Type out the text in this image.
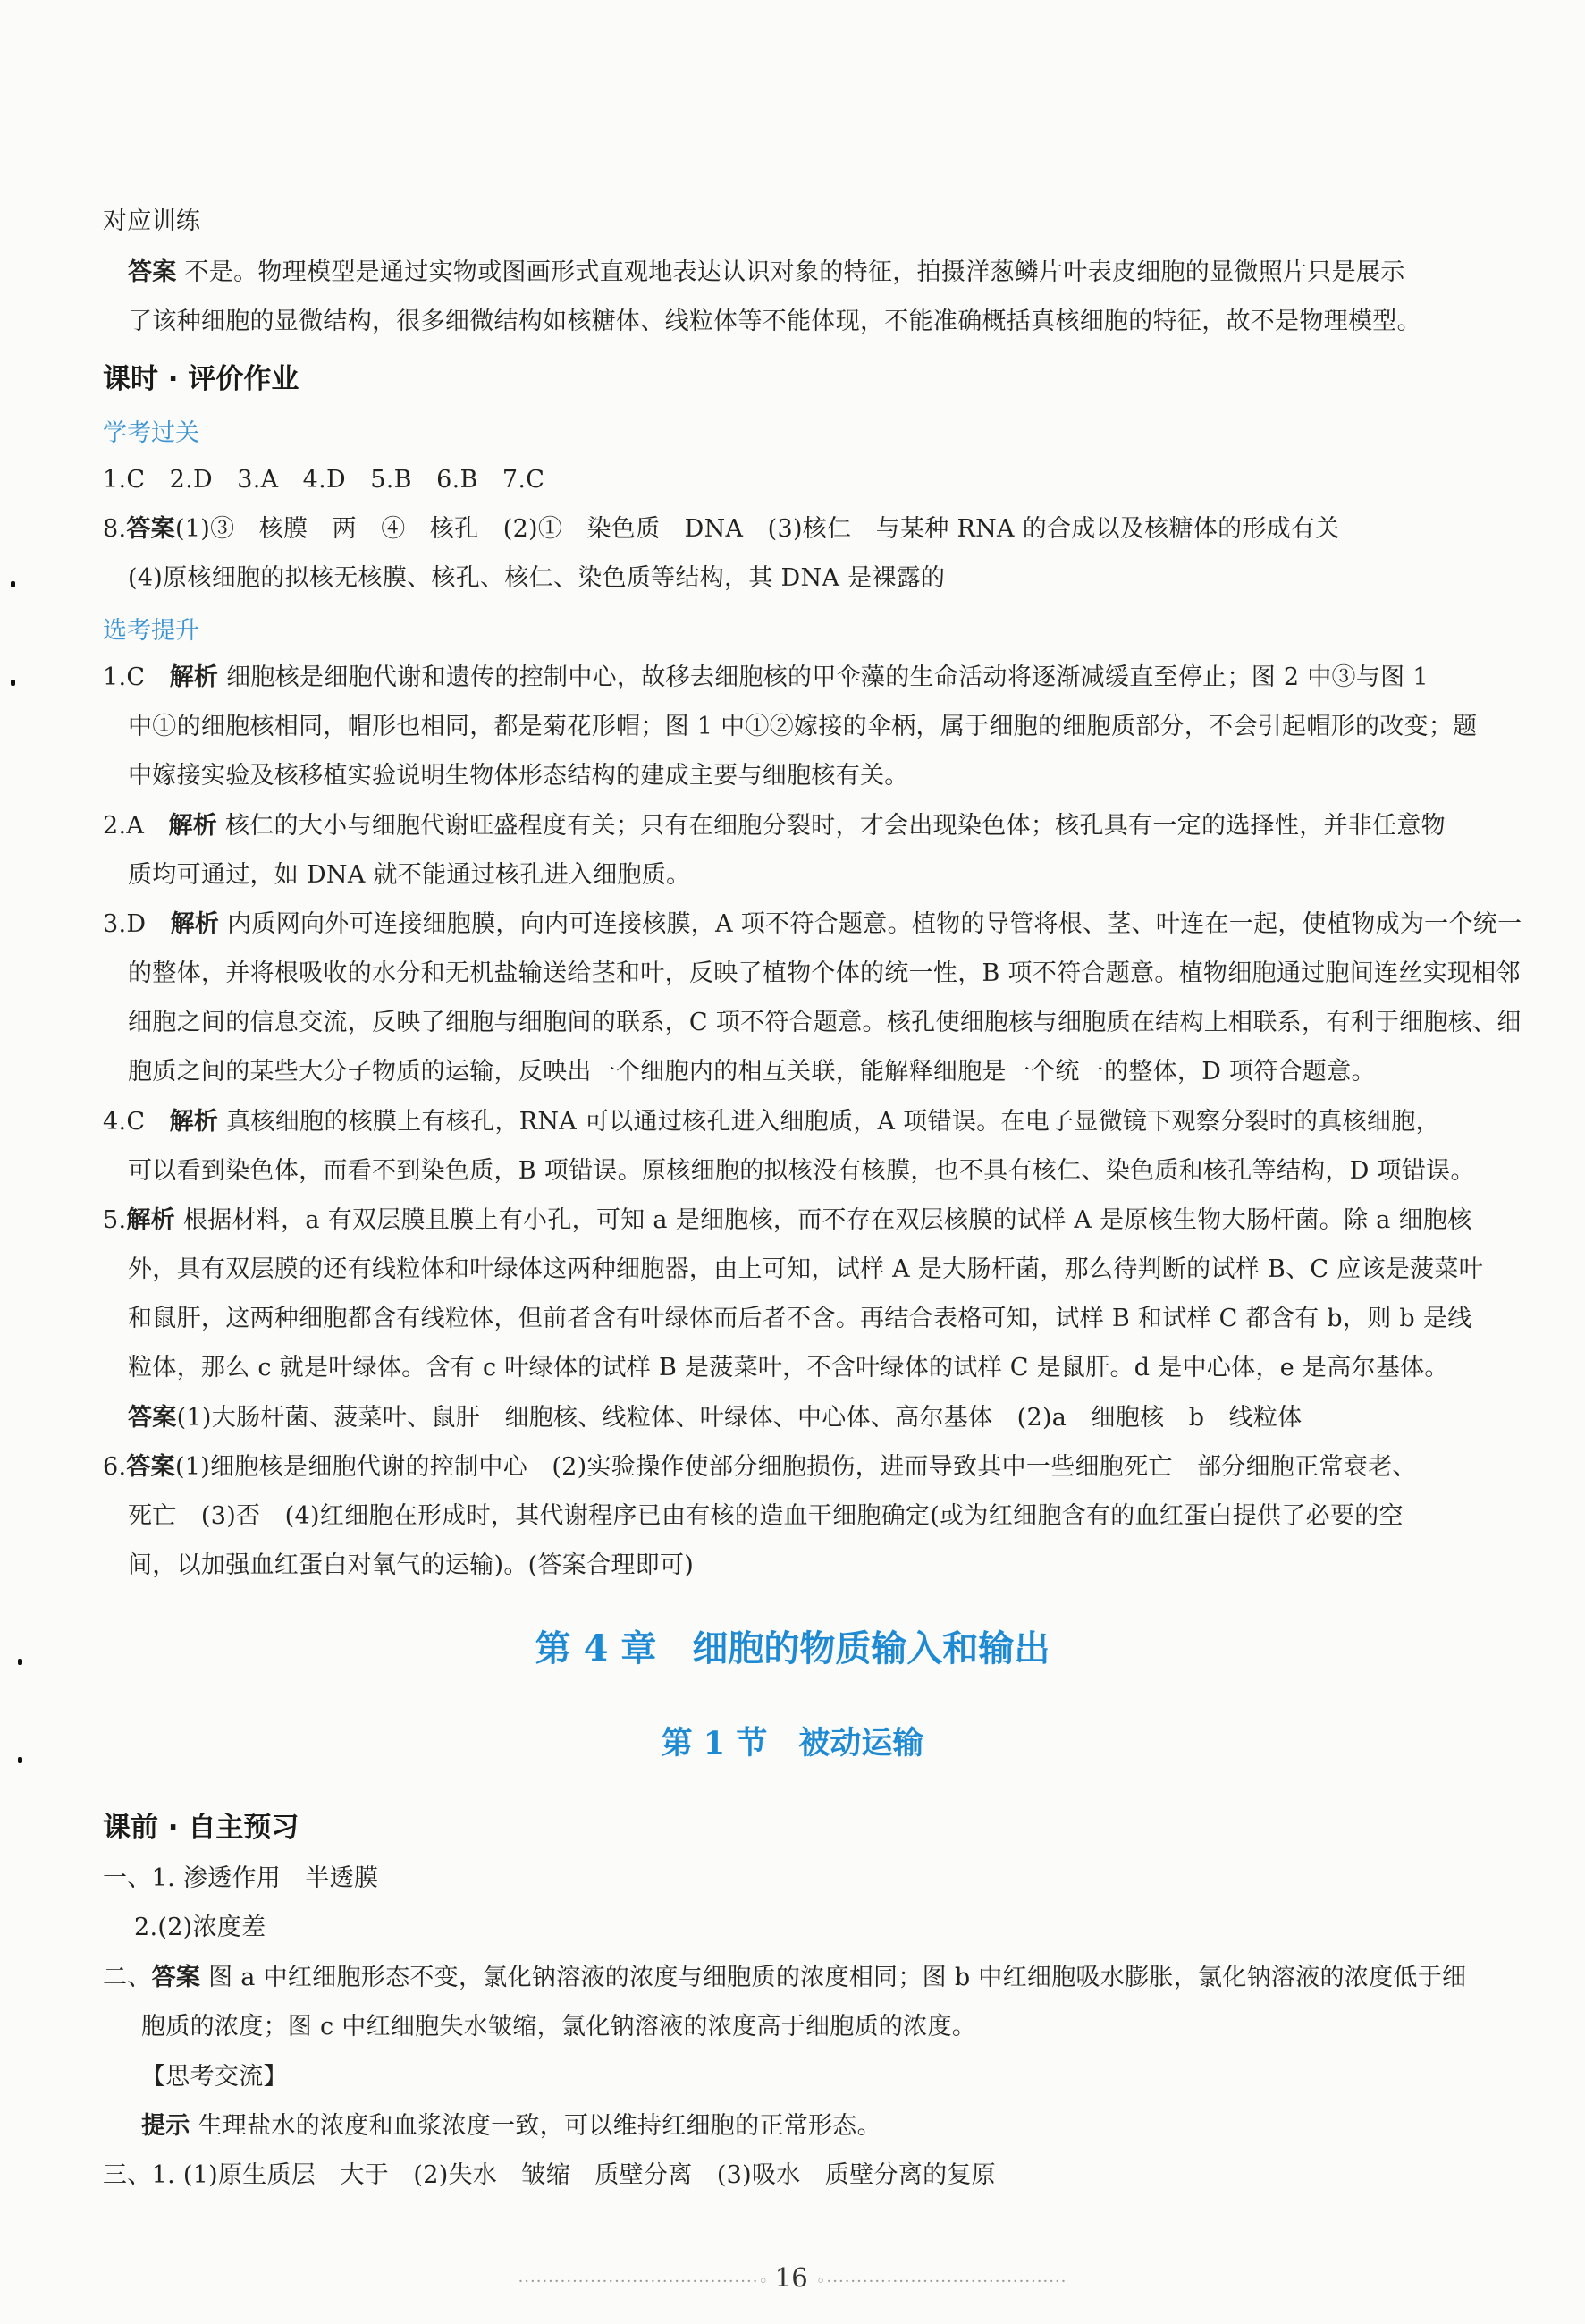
对应训练
答案 不是。物理模型是通过实物或图画形式直观地表达认识对象的特征，拍摄洋葱鳞片叶表皮细胞的显微照片只是展示
了该种细胞的显微结构，很多细微结构如核糖体、线粒体等不能体现，不能准确概括真核细胞的特征，故不是物理模型。
课时 · 评价作业
学考过关
1.C　2.D　3.A　4.D　5.B　6.B　7.C
8.答案(1)③　核膜　两　④　核孔　(2)①　染色质　DNA　(3)核仁　与某种 RNA 的合成以及核糖体的形成有关
(4)原核细胞的拟核无核膜、核孔、核仁、染色质等结构，其 DNA 是裸露的
选考提升
1.C　解析 细胞核是细胞代谢和遗传的控制中心，故移去细胞核的甲伞藻的生命活动将逐渐减缓直至停止；图 2 中③与图 1
中①的细胞核相同，帽形也相同，都是菊花形帽；图 1 中①②嫁接的伞柄，属于细胞的细胞质部分，不会引起帽形的改变；题
中嫁接实验及核移植实验说明生物体形态结构的建成主要与细胞核有关。
2.A　解析 核仁的大小与细胞代谢旺盛程度有关；只有在细胞分裂时，才会出现染色体；核孔具有一定的选择性，并非任意物
质均可通过，如 DNA 就不能通过核孔进入细胞质。
3.D　解析 内质网向外可连接细胞膜，向内可连接核膜，A 项不符合题意。植物的导管将根、茎、叶连在一起，使植物成为一个统一
的整体，并将根吸收的水分和无机盐输送给茎和叶，反映了植物个体的统一性，B 项不符合题意。植物细胞通过胞间连丝实现相邻
细胞之间的信息交流，反映了细胞与细胞间的联系，C 项不符合题意。核孔使细胞核与细胞质在结构上相联系，有利于细胞核、细
胞质之间的某些大分子物质的运输，反映出一个细胞内的相互关联，能解释细胞是一个统一的整体，D 项符合题意。
4.C　解析 真核细胞的核膜上有核孔，RNA 可以通过核孔进入细胞质，A 项错误。在电子显微镜下观察分裂时的真核细胞，
可以看到染色体，而看不到染色质，B 项错误。原核细胞的拟核没有核膜，也不具有核仁、染色质和核孔等结构，D 项错误。
5.解析 根据材料，a 有双层膜且膜上有小孔，可知 a 是细胞核，而不存在双层核膜的试样 A 是原核生物大肠杆菌。除 a 细胞核
外，具有双层膜的还有线粒体和叶绿体这两种细胞器，由上可知，试样 A 是大肠杆菌，那么待判断的试样 B、C 应该是菠菜叶
和鼠肝，这两种细胞都含有线粒体，但前者含有叶绿体而后者不含。再结合表格可知，试样 B 和试样 C 都含有 b，则 b 是线
粒体，那么 c 就是叶绿体。含有 c 叶绿体的试样 B 是菠菜叶，不含叶绿体的试样 C 是鼠肝。d 是中心体，e 是高尔基体。
答案(1)大肠杆菌、菠菜叶、鼠肝　细胞核、线粒体、叶绿体、中心体、高尔基体　(2)a　细胞核　b　线粒体
6.答案(1)细胞核是细胞代谢的控制中心　(2)实验操作使部分细胞损伤，进而导致其中一些细胞死亡　部分细胞正常衰老、
死亡　(3)否　(4)红细胞在形成时，其代谢程序已由有核的造血干细胞确定(或为红细胞含有的血红蛋白提供了必要的空
间，以加强血红蛋白对氧气的运输)。(答案合理即可)
第 4 章　细胞的物质输入和输出
第 1 节　被动运输
课前 · 自主预习
一、1. 渗透作用　半透膜
2.(2)浓度差
二、答案 图 a 中红细胞形态不变，氯化钠溶液的浓度与细胞质的浓度相同；图 b 中红细胞吸水膨胀，氯化钠溶液的浓度低于细
胞质的浓度；图 c 中红细胞失水皱缩，氯化钠溶液的浓度高于细胞质的浓度。
【思考交流】
提示 生理盐水的浓度和血浆浓度一致，可以维持红细胞的正常形态。
三、1. (1)原生质层　大于　(2)失水　皱缩　质壁分离　(3)吸水　质壁分离的复原
········································◦ 16 ◦········································
